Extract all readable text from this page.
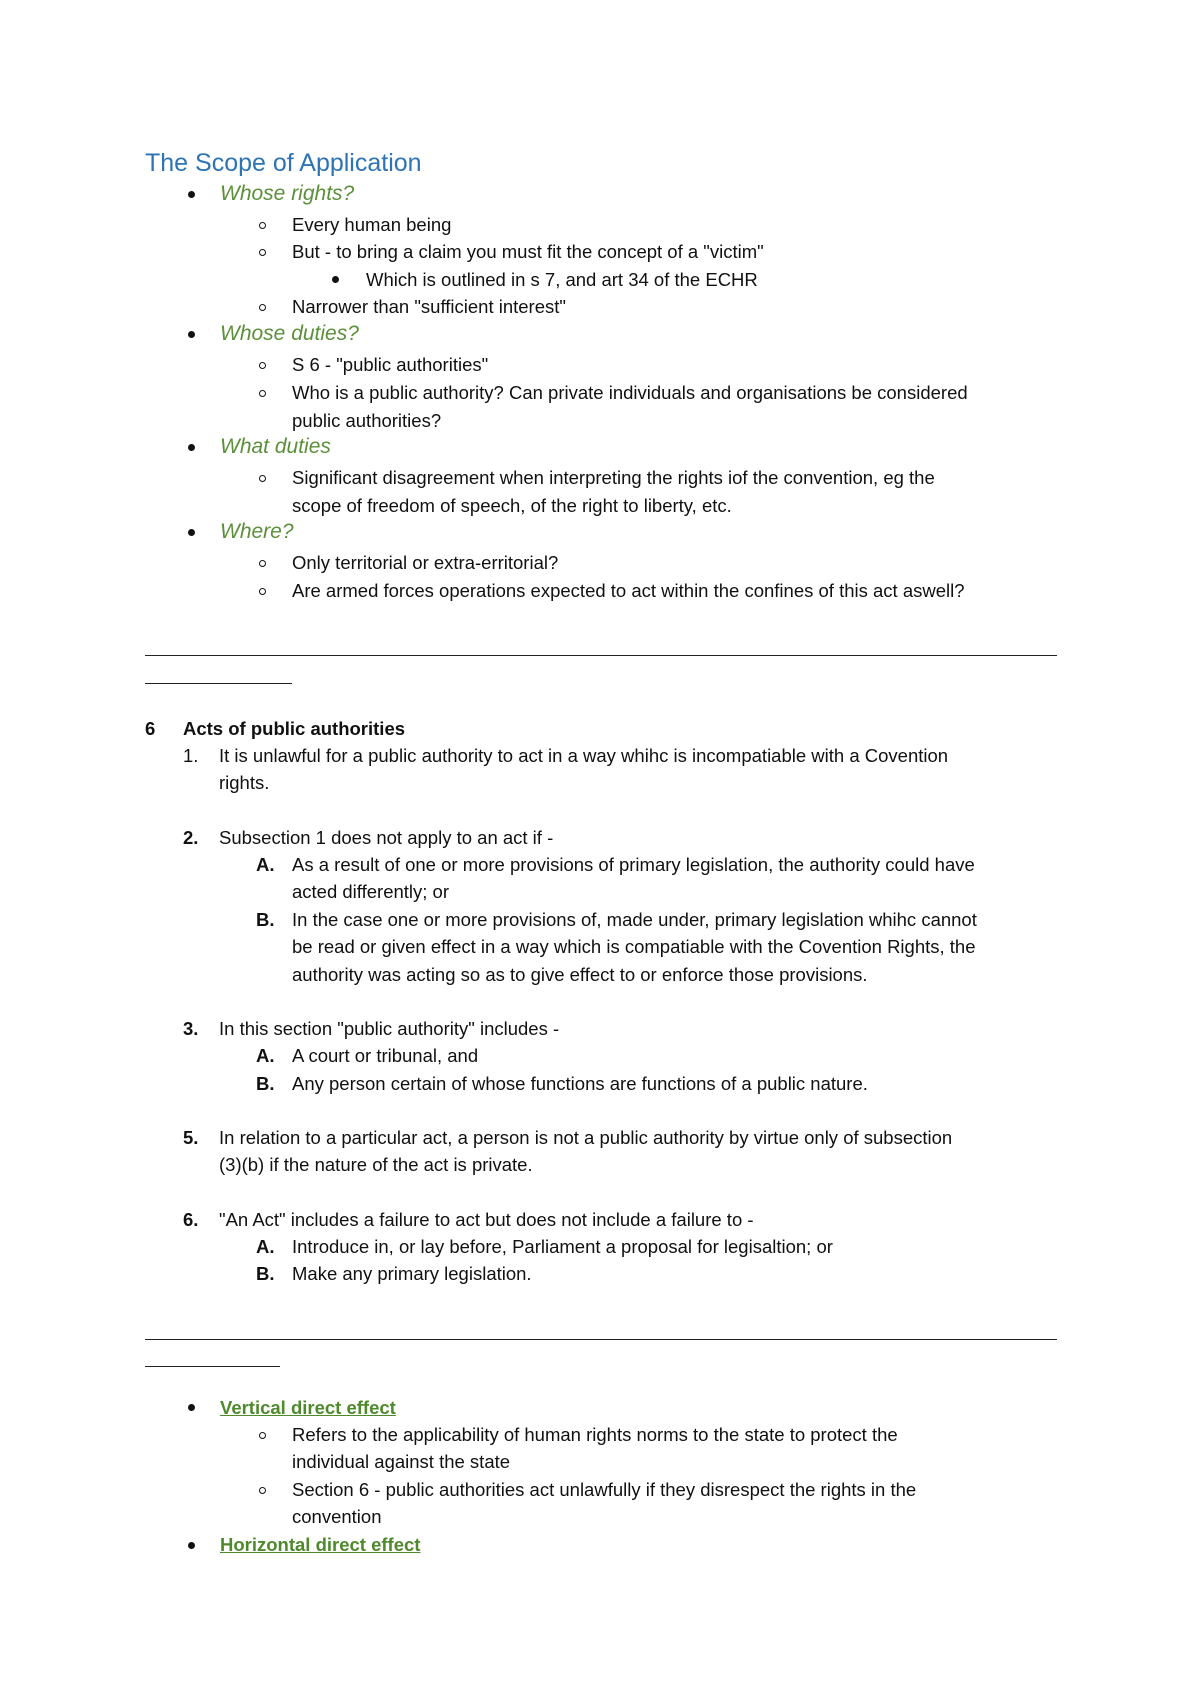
The Scope of Application
Whose rights?
Every human being
But - to bring a claim you must fit the concept of a "victim"
Which is outlined in s 7, and art 34 of the ECHR
Narrower than "sufficient interest"
Whose duties?
S 6 - "public authorities"
Who is a public authority? Can private individuals and organisations be considered
public authorities?
What duties
Significant disagreement when interpreting the rights iof the convention, eg the
scope of freedom of speech, of the right to liberty, etc.
Where?
Only territorial or extra-erritorial?
Are armed forces operations expected to act within the confines of this act aswell?
6 Acts of public authorities
1. It is unlawful for a public authority to act in a way whihc is incompatiable with a Covention
rights.
2. Subsection 1 does not apply to an act if -
A. As a result of one or more provisions of primary legislation, the authority could have
acted differently; or
B. In the case one or more provisions of, made under, primary legislation whihc cannot
be read or given effect in a way which is compatiable with the Covention Rights, the
authority was acting so as to give effect to or enforce those provisions.
3. In this section "public authority" includes -
A. A court or tribunal, and
B. Any person certain of whose functions are functions of a public nature.
5. In relation to a particular act, a person is not a public authority by virtue only of subsection
(3)(b) if the nature of the act is private.
6. "An Act" includes a failure to act but does not include a failure to -
A. Introduce in, or lay before, Parliament a proposal for legisaltion; or
B. Make any primary legislation.
Vertical direct effect
Refers to the applicability of human rights norms to the state to protect the
individual against the state
Section 6 - public authorities act unlawfully if they disrespect the rights in the
convention
Horizontal direct effect
